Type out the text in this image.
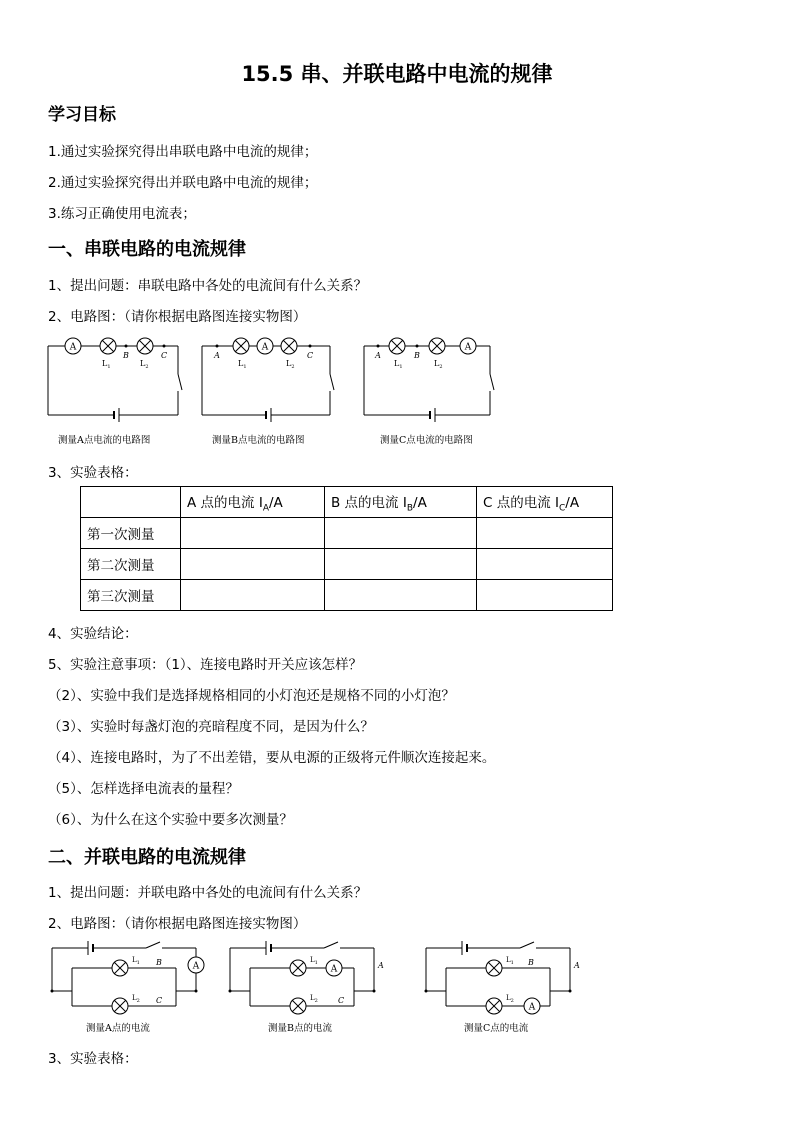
15.5 串、并联电路中电流的规律
学习目标
1.通过实验探究得出串联电路中电流的规律；
2.通过实验探究得出并联电路中电流的规律；
3.练习正确使用电流表；
一、串联电路的电流规律
1、提出问题：串联电路中各处的电流间有什么关系？
2、电路图：（请你根据电路图连接实物图）
A
B	C
$L_1$	$L_2$
测量A点电流的电路图
A
A	C
$L_1$	$L_2$
测量B点电流的电路图
A
A	B
$L_1$	$L_2$
测量C点电流的电路图
3、实验表格：
	A 点的电流 $I_A/A$	B 点的电流 $I_B/A$	C 点的电流 $I_C/A$
第一次测量			
第二次测量			
第三次测量			
4、实验结论：
5、实验注意事项：（1）、连接电路时开关应该怎样？
（2）、实验中我们是选择规格相同的小灯泡还是规格不同的小灯泡？
（3）、实验时每盏灯泡的亮暗程度不同，是因为什么？
（4）、连接电路时，为了不出差错，要从电源的正级将元件顺次连接起来。
（5）、怎样选择电流表的量程？
（6）、为什么在这个实验中要多次测量？
二、并联电路的电流规律
1、提出问题：并联电路中各处的电流间有什么关系？
2、电路图：（请你根据电路图连接实物图）
A
$L_1$
$L_2$
B
C
测量A点的电流
A
$L_1$
$L_2$
A
C
测量B点的电流
A
$L_1$
$L_2$
A
B
测量C点的电流
3、实验表格：
